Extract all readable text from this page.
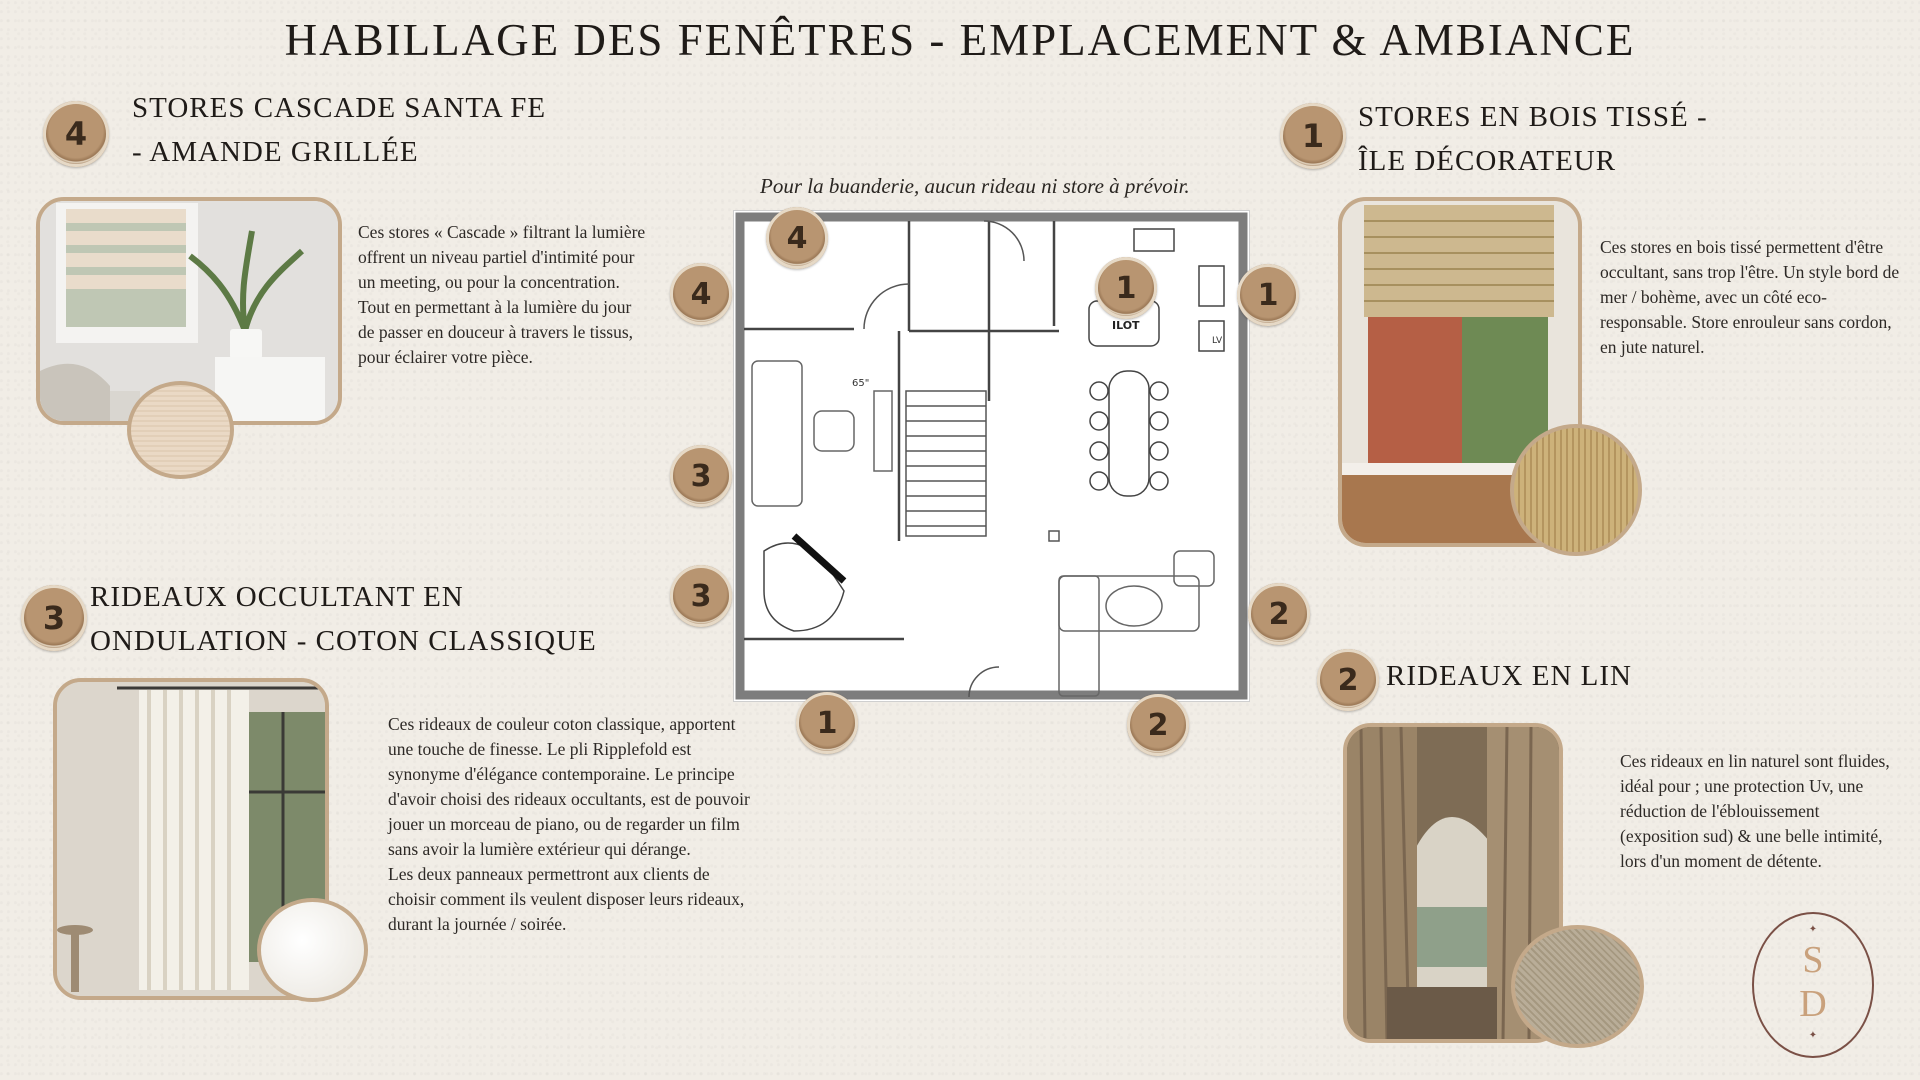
HABILLAGE DES FENÊTRES - EMPLACEMENT & AMBIANCE
4
STORES CASCADE SANTA FE
- AMANDE GRILLÉE
Ces stores « Cascade » filtrant la lumière offrent un niveau partiel d'intimité pour un meeting, ou pour la concentration. Tout en permettant à la lumière du jour de passer en douceur à travers le tissus, pour éclairer votre pièce.
3
RIDEAUX OCCULTANT EN
ONDULATION - COTON CLASSIQUE
Ces rideaux de couleur coton classique, apportent une touche de finesse. Le pli Ripplefold est synonyme d'élégance contemporaine. Le principe d'avoir choisi des rideaux occultants, est de pouvoir jouer un morceau de piano, ou de regarder un film sans avoir la lumière extérieur qui dérange.
Les deux panneaux permettront aux clients de choisir comment ils veulent disposer leurs rideaux, durant la journée / soirée.
1	STORES EN BOIS TISSÉ -
ÎLE DÉCORATEUR
Ces stores en bois tissé permettent d'être occultant, sans trop l'être. Un style bord de mer / bohème, avec un côté eco-responsable. Store enrouleur sans cordon, en jute naturel.
2 RIDEAUX EN LIN
Ces rideaux en lin naturel sont fluides, idéal pour ; une protection Uv, une réduction de l'éblouissement (exposition sud) & une belle intimité, lors d'un moment de détente.
Pour la buanderie, aucun rideau ni store à prévoir.
ILOT
65"
LV
4
4
3
3
1	2
1	1
2
✦
S
D
✦
